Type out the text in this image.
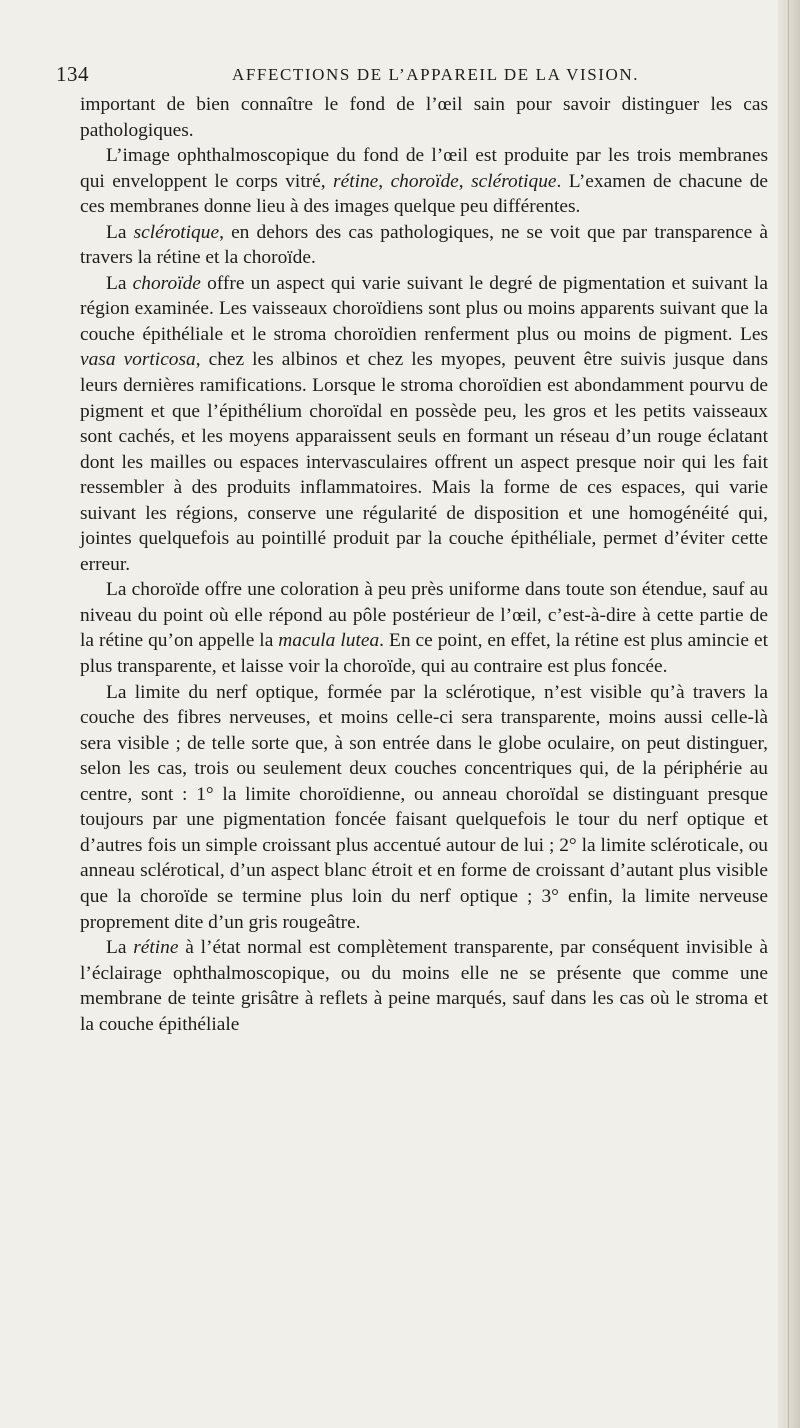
134	AFFECTIONS DE L’APPAREIL DE LA VISION.

important de bien connaître le fond de l’œil sain pour savoir distinguer les cas pathologiques.

L’image ophthalmoscopique du fond de l’œil est produite par les trois membranes qui enveloppent le corps vitré, rétine, choroïde, sclérotique. L’examen de chacune de ces membranes donne lieu à des images quelque peu différentes.

La sclérotique, en dehors des cas pathologiques, ne se voit que par transparence à travers la rétine et la choroïde.

La choroïde offre un aspect qui varie suivant le degré de pigmentation et suivant la région examinée. Les vaisseaux choroïdiens sont plus ou moins apparents suivant que la couche épithéliale et le stroma choroïdien renferment plus ou moins de pigment. Les vasa vorticosa, chez les albinos et chez les myopes, peuvent être suivis jusque dans leurs dernières ramifications. Lorsque le stroma choroïdien est abondamment pourvu de pigment et que l’épithélium choroïdal en possède peu, les gros et les petits vaisseaux sont cachés, et les moyens apparaissent seuls en formant un réseau d’un rouge éclatant dont les mailles ou espaces intervasculaires offrent un aspect presque noir qui les fait ressembler à des produits inflammatoires. Mais la forme de ces espaces, qui varie suivant les régions, conserve une régularité de disposition et une homogénéité qui, jointes quelquefois au pointillé produit par la couche épithéliale, permet d’éviter cette erreur.

La choroïde offre une coloration à peu près uniforme dans toute son étendue, sauf au niveau du point où elle répond au pôle postérieur de l’œil, c’est-à-dire à cette partie de la rétine qu’on appelle la macula lutea. En ce point, en effet, la rétine est plus amincie et plus transparente, et laisse voir la choroïde, qui au contraire est plus foncée.

La limite du nerf optique, formée par la sclérotique, n’est visible qu’à travers la couche des fibres nerveuses, et moins celle-ci sera transparente, moins aussi celle-là sera visible ; de telle sorte que, à son entrée dans le globe oculaire, on peut distinguer, selon les cas, trois ou seulement deux couches concentriques qui, de la périphérie au centre, sont : 1° la limite choroïdienne, ou anneau choroïdal se distinguant presque toujours par une pigmentation foncée faisant quelquefois le tour du nerf optique et d’autres fois un simple croissant plus accentué autour de lui ; 2° la limite scléroticale, ou anneau sclérotical, d’un aspect blanc étroit et en forme de croissant d’autant plus visible que la choroïde se termine plus loin du nerf optique ; 3° enfin, la limite nerveuse proprement dite d’un gris rougeâtre.

La rétine à l’état normal est complètement transparente, par conséquent invisible à l’éclairage ophthalmoscopique, ou du moins elle ne se présente que comme une membrane de teinte grisâtre à reflets à peine marqués, sauf dans les cas où le stroma et la couche épithéliale
